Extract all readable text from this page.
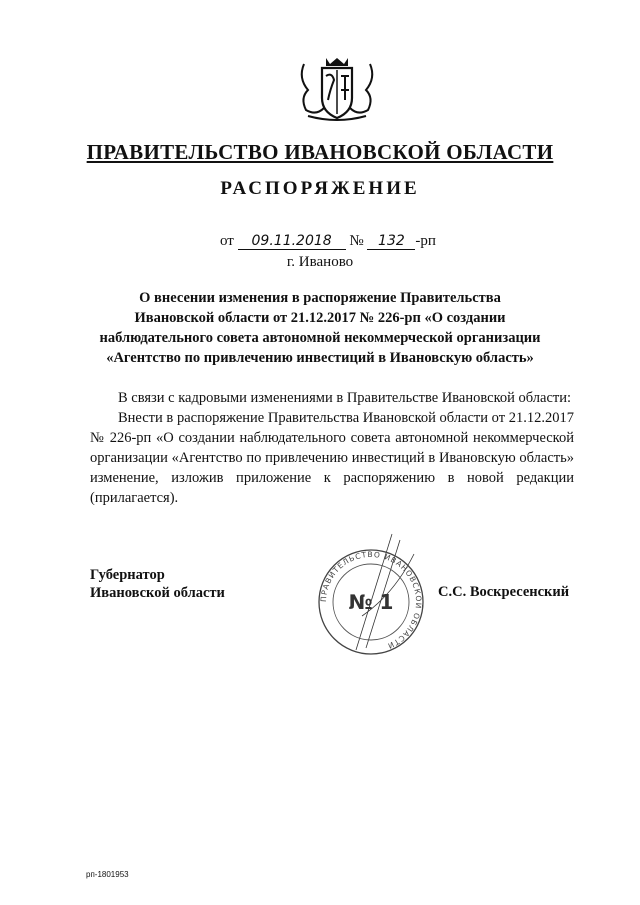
ПРАВИТЕЛЬСТВО ИВАНОВСКОЙ ОБЛАСТИ
РАСПОРЯЖЕНИЕ
от 09.11.2018 № 132 -рп
г. Иваново
О внесении изменения в распоряжение Правительства
Ивановской области от 21.12.2017 № 226-рп «О создании
наблюдательного совета автономной некоммерческой организации
«Агентство по привлечению инвестиций в Ивановскую область»

В связи с кадровыми изменениями в Правительстве Ивановской области:

Внести в распоряжение Правительства Ивановской области от 21.12.2017 № 226-рп «О создании наблюдательного совета автономной некоммерческой организации «Агентство по привлечению инвестиций в Ивановскую область» изменение, изложив приложение к распоряжению в новой редакции (прилагается).

Губернатор
Ивановской области	ПРАВИТЕЛЬСТВО ИВАНОВСКОЙ ОБЛАСТИ
№ 1	С.С. Воскресенский
рп-1801953
